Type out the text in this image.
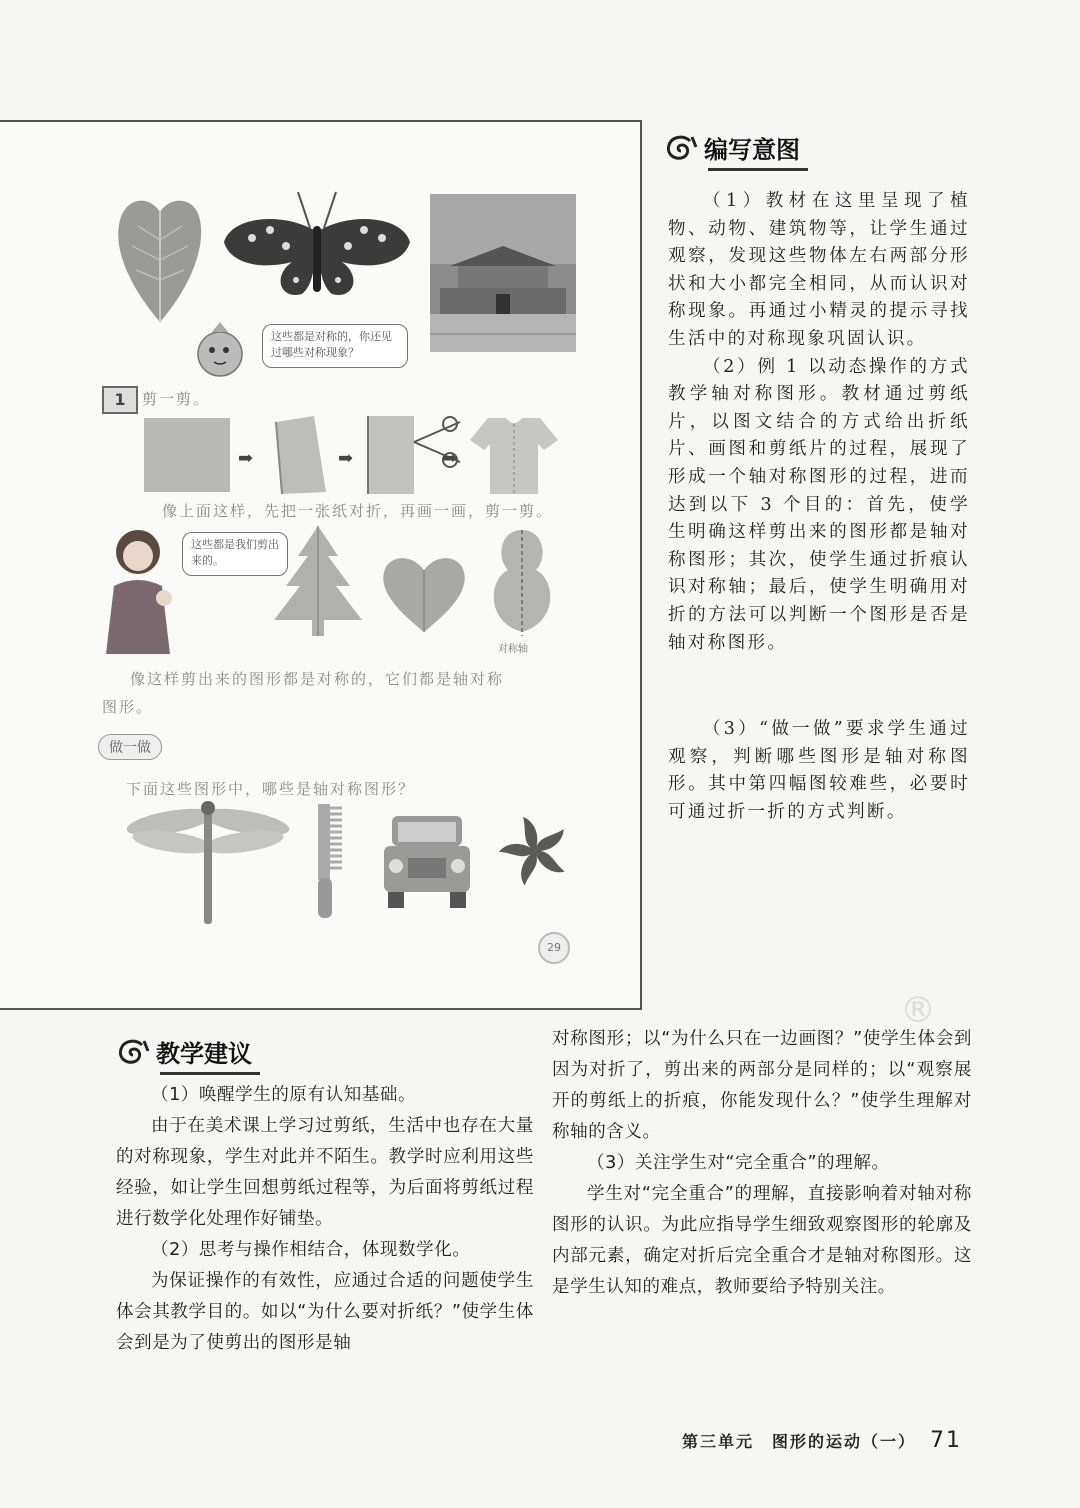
这些都是对称的，你还见过哪些对称现象？
1	剪一剪。
➡	➡	➡
像上面这样，先把一张纸对折，再画一画，剪一剪。
这些都是我们剪出来的。
对称轴
像这样剪出来的图形都是对称的，它们都是轴对称
图形。
做一做
下面这些图形中，哪些是轴对称图形？
29
®
编写意图

（1）教材在这里呈现了植物、动物、建筑物等，让学生通过观察，发现这些物体左右两部分形状和大小都完全相同，从而认识对称现象。再通过小精灵的提示寻找生活中的对称现象巩固认识。

（2）例 1 以动态操作的方式教学轴对称图形。教材通过剪纸片，以图文结合的方式给出折纸片、画图和剪纸片的过程，展现了形成一个轴对称图形的过程，进而达到以下 3 个目的：首先，使学生明确这样剪出来的图形都是轴对称图形；其次，使学生通过折痕认识对称轴；最后，使学生明确用对折的方法可以判断一个图形是否是轴对称图形。

（3）“做一做”要求学生通过观察，判断哪些图形是轴对称图形。其中第四幅图较难些，必要时可通过折一折的方式判断。

教学建议

（1）唤醒学生的原有认知基础。

由于在美术课上学习过剪纸，生活中也存在大量的对称现象，学生对此并不陌生。教学时应利用这些经验，如让学生回想剪纸过程等，为后面将剪纸过程进行数学化处理作好铺垫。

（2）思考与操作相结合，体现数学化。

为保证操作的有效性，应通过合适的问题使学生体会其教学目的。如以“为什么要对折纸？”使学生体会到是为了使剪出的图形是轴

对称图形；以“为什么只在一边画图？”使学生体会到因为对折了，剪出来的两部分是同样的；以“观察展开的剪纸上的折痕，你能发现什么？”使学生理解对称轴的含义。

（3）关注学生对“完全重合”的理解。

学生对“完全重合”的理解，直接影响着对轴对称图形的认识。为此应指导学生细致观察图形的轮廓及内部元素，确定对折后完全重合才是轴对称图形。这是学生认知的难点，教师要给予特别关注。

第三单元　图形的运动（一） 71
